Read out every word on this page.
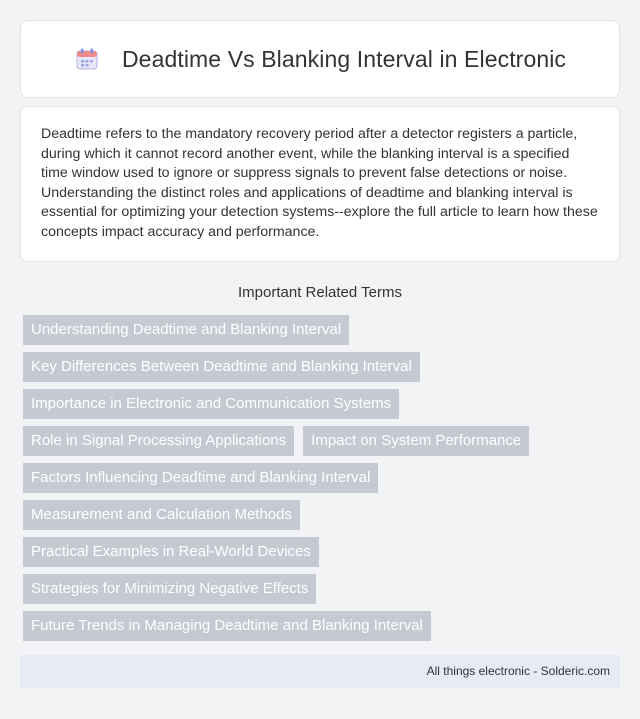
Deadtime Vs Blanking Interval in Electronic

Deadtime refers to the mandatory recovery period after a detector registers a particle, during which it cannot record another event, while the blanking interval is a specified time window used to ignore or suppress signals to prevent false detections or noise. Understanding the distinct roles and applications of deadtime and blanking interval is essential for optimizing your detection systems--explore the full article to learn how these concepts impact accuracy and performance.

Important Related Terms
Understanding Deadtime and Blanking Interval
Key Differences Between Deadtime and Blanking Interval
Importance in Electronic and Communication Systems
Role in Signal Processing Applications	Impact on System Performance
Factors Influencing Deadtime and Blanking Interval
Measurement and Calculation Methods
Practical Examples in Real-World Devices
Strategies for Minimizing Negative Effects
Future Trends in Managing Deadtime and Blanking Interval
All things electronic - Solderic.com
